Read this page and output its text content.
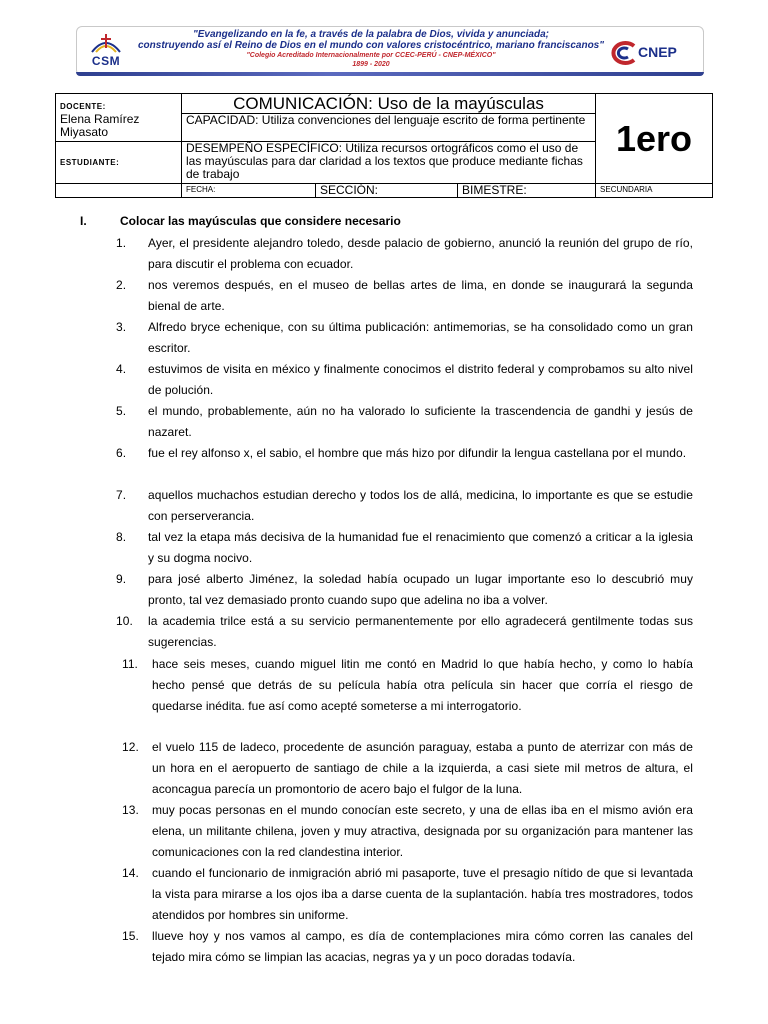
CSM
"Evangelizando en la fe, a través de la palabra de Dios, vivida y anunciada;
construyendo así el Reino de Dios en el mundo con valores cristocéntrico, mariano franciscanos"
"Colegio Acreditado Internacionalmente por CCEC-PERÚ - CNEP-MÉXICO"
1899 - 2020
CNEP
DOCENTE:
Elena Ramírez Miyasato	COMUNICACIÓN: Uso de la mayúsculas			1ero
	CAPACIDAD: Utiliza convenciones del lenguaje escrito de forma pertinente			
ESTUDIANTE:	DESEMPEÑO ESPECÍFICO: Utiliza recursos ortográficos como el uso de las mayúsculas para dar claridad a los textos que produce mediante fichas de trabajo			
	FECHA:	SECCIÓN:	BIMESTRE:	SECUNDARIA
I.	Colocar las mayúsculas que considere necesario
1.	Ayer, el presidente alejandro toledo, desde palacio de gobierno, anunció la reunión del grupo de río, para discutir el problema con ecuador.
2.	nos veremos después, en el museo de bellas artes de lima, en donde se inaugurará la segunda bienal de arte.
3.	Alfredo bryce echenique, con su última publicación: antimemorias, se ha consolidado como un gran escritor.
4.	estuvimos de visita en méxico y finalmente conocimos el distrito federal y comprobamos su alto nivel de polución.
5.	el mundo, probablemente, aún no ha valorado lo suficiente la trascendencia de gandhi y jesús de nazaret.
6.	fue el rey alfonso x, el sabio, el hombre que más hizo por difundir la lengua castellana por el mundo.
7.	aquellos muchachos estudian derecho y todos los de allá, medicina, lo importante es que se estudie con perserverancia.
8.	tal vez la etapa más decisiva de la humanidad fue el renacimiento que comenzó a criticar a la iglesia y su dogma nocivo.
9.	para josé alberto Jiménez, la soledad había ocupado un lugar importante eso lo descubrió muy pronto, tal vez demasiado pronto cuando supo que adelina no iba a volver.
10.	la academia trilce está a su servicio permanentemente por ello agradecerá gentilmente todas sus sugerencias.
11.	hace seis meses, cuando miguel litin me contó en Madrid lo que había hecho, y como lo había hecho pensé que detrás de su película había otra película sin hacer que corría el riesgo de quedarse inédita. fue así como acepté someterse a mi interrogatorio.
12.	el vuelo 115 de ladeco, procedente de asunción paraguay, estaba a punto de aterrizar con más de un hora en el aeropuerto de santiago de chile a la izquierda, a casi siete mil metros de altura, el aconcagua parecía un promontorio de acero bajo el fulgor de la luna.
13.	muy pocas personas en el mundo conocían este secreto, y una de ellas iba en el mismo avión era elena, un militante chilena, joven y muy atractiva, designada por su organización para mantener las comunicaciones con la red clandestina interior.
14.	cuando el funcionario de inmigración abrió mi pasaporte, tuve el presagio nítido de que si levantada la vista para mirarse a los ojos iba a darse cuenta de la suplantación. había tres mostradores, todos atendidos por hombres sin uniforme.
15.	llueve hoy y nos vamos al campo, es día de contemplaciones mira cómo corren las canales del tejado mira cómo se limpian las acacias, negras ya y un poco doradas todavía.
